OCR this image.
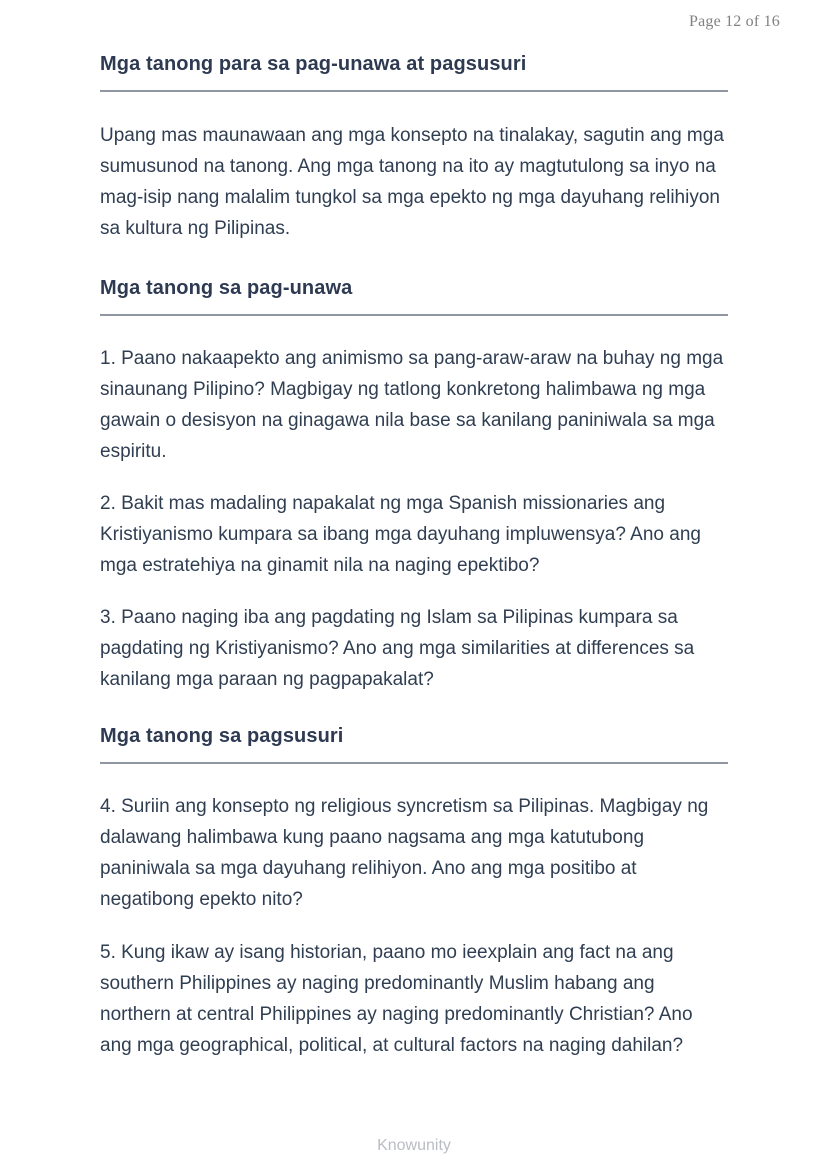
Page 12 of 16
Mga tanong para sa pag-unawa at pagsusuri

Upang mas maunawaan ang mga konsepto na tinalakay, sagutin ang mga sumusunod na tanong. Ang mga tanong na ito ay magtutulong sa inyo na mag-isip nang malalim tungkol sa mga epekto ng mga dayuhang relihiyon sa kultura ng Pilipinas.

Mga tanong sa pag-unawa

1. Paano nakaapekto ang animismo sa pang-araw-araw na buhay ng mga sinaunang Pilipino? Magbigay ng tatlong konkretong halimbawa ng mga gawain o desisyon na ginagawa nila base sa kanilang paniniwala sa mga espiritu.

2. Bakit mas madaling napakalat ng mga Spanish missionaries ang Kristiyanismo kumpara sa ibang mga dayuhang impluwensya? Ano ang mga estratehiya na ginamit nila na naging epektibo?

3. Paano naging iba ang pagdating ng Islam sa Pilipinas kumpara sa pagdating ng Kristiyanismo? Ano ang mga similarities at differences sa kanilang mga paraan ng pagpapakalat?

Mga tanong sa pagsusuri

4. Suriin ang konsepto ng religious syncretism sa Pilipinas. Magbigay ng dalawang halimbawa kung paano nagsama ang mga katutubong paniniwala sa mga dayuhang relihiyon. Ano ang mga positibo at negatibong epekto nito?

5. Kung ikaw ay isang historian, paano mo ieexplain ang fact na ang southern Philippines ay naging predominantly Muslim habang ang northern at central Philippines ay naging predominantly Christian? Ano ang mga geographical, political, at cultural factors na naging dahilan?

Knowunity
